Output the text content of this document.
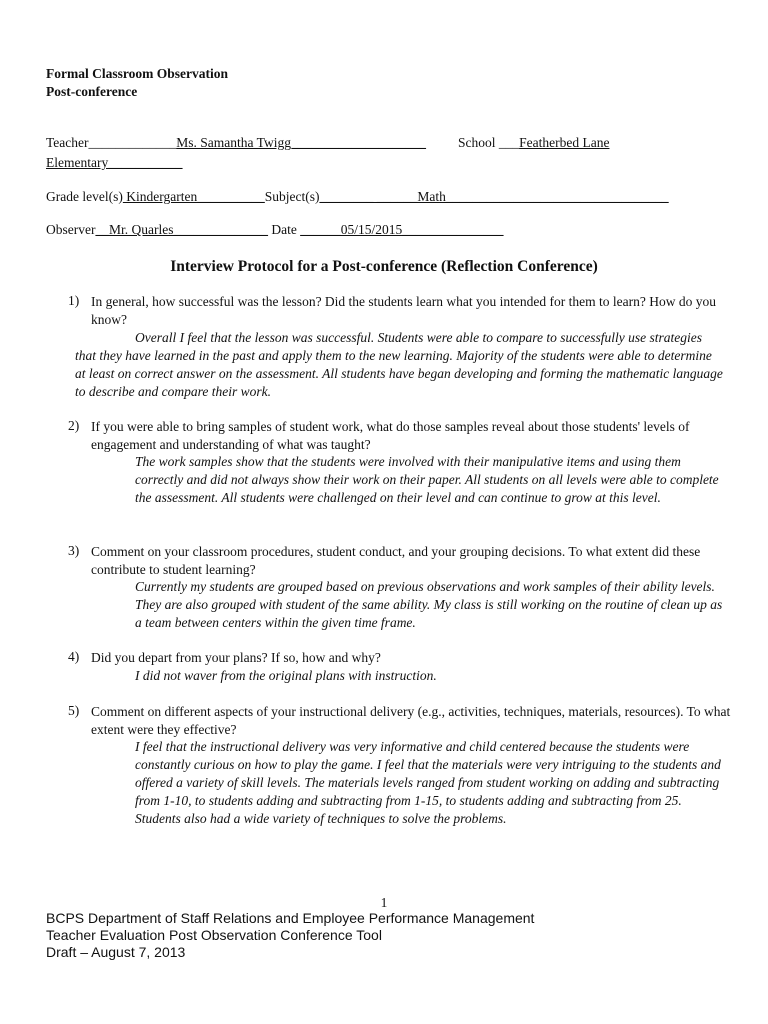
Formal Classroom Observation
Post-conference
Teacher_____________Ms. Samantha Twigg____________________ School ___Featherbed Lane
Elementary___________
Grade level(s) Kindergarten__________Subject(s)________ ______Math_________________________________
Observer__Mr. Quarles______________ Date ______05/15/2015_______________
Interview Protocol for a Post-conference (Reflection Conference)
1) In general, how successful was the lesson? Did the students learn what you intended for them to learn? How do you know?
Overall I feel that the lesson was successful. Students were able to compare to successfully use strategies that they have learned in the past and apply them to the new learning. Majority of the students were able to determine at least on correct answer on the assessment. All students have began developing and forming the mathematic language to describe and compare their work.
2) If you were able to bring samples of student work, what do those samples reveal about those students' levels of engagement and understanding of what was taught?
The work samples show that the students were involved with their manipulative items and using them correctly and did not always show their work on their paper. All students on all levels were able to complete the assessment. All students were challenged on their level and can continue to grow at this level.
3) Comment on your classroom procedures, student conduct, and your grouping decisions. To what extent did these contribute to student learning?
Currently my students are grouped based on previous observations and work samples of their ability levels. They are also grouped with student of the same ability. My class is still working on the routine of clean up as a team between centers within the given time frame.
4) Did you depart from your plans? If so, how and why?
I did not waver from the original plans with instruction.
5) Comment on different aspects of your instructional delivery (e.g., activities, techniques, materials, resources). To what extent were they effective?
I feel that the instructional delivery was very informative and child centered because the students were constantly curious on how to play the game. I feel that the materials were very intriguing to the students and offered a variety of skill levels. The materials levels ranged from student working on adding and subtracting from 1-10, to students adding and subtracting from 1-15, to students adding and subtracting from 25. Students also had a wide variety of techniques to solve the problems.
1
BCPS Department of Staff Relations and Employee Performance Management
Teacher Evaluation Post Observation Conference Tool
Draft – August 7, 2013
